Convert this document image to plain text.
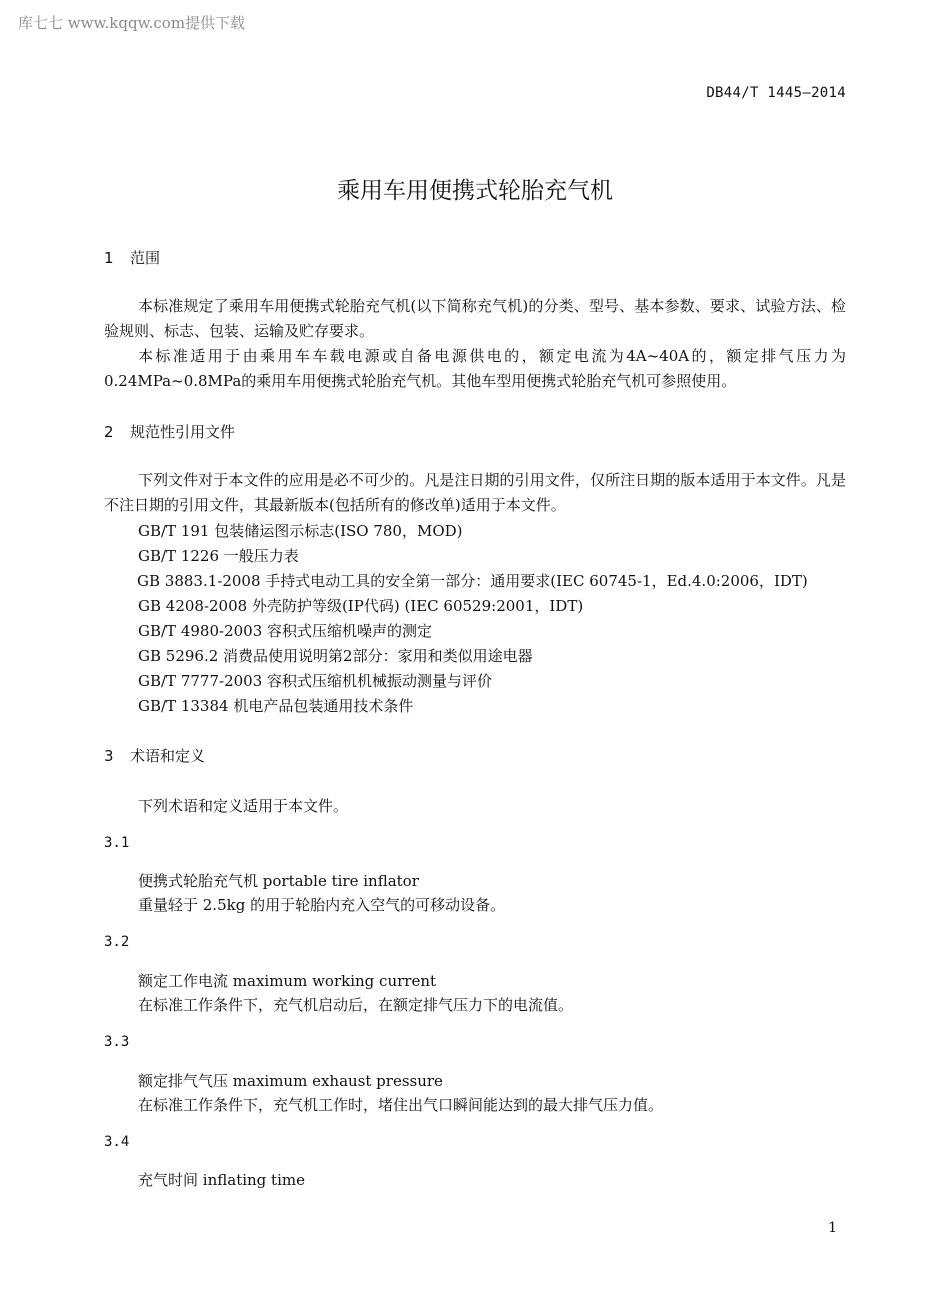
库七七 www.kqqw.com提供下载
DB44/T 1445—2014
乘用车用便携式轮胎充气机
1 范围
本标准规定了乘用车用便携式轮胎充气机(以下简称充气机)的分类、型号、基本参数、要求、试验方法、检验规则、标志、包装、运输及贮存要求。
本标准适用于由乘用车车载电源或自备电源供电的，额定电流为4A~40A的，额定排气压力为0.24MPa~0.8MPa的乘用车用便携式轮胎充气机。其他车型用便携式轮胎充气机可参照使用。
2 规范性引用文件
下列文件对于本文件的应用是必不可少的。凡是注日期的引用文件，仅所注日期的版本适用于本文件。凡是不注日期的引用文件，其最新版本(包括所有的修改单)适用于本文件。
GB/T 191 包装储运图示标志(ISO 780，MOD)
GB/T 1226 一般压力表
GB 3883.1-2008 手持式电动工具的安全第一部分：通用要求(IEC 60745-1，Ed.4.0:2006，IDT)
GB 4208-2008 外壳防护等级(IP代码) (IEC 60529:2001，IDT)
GB/T 4980-2003 容积式压缩机噪声的测定
GB 5296.2 消费品使用说明第2部分：家用和类似用途电器
GB/T 7777-2003 容积式压缩机机械振动测量与评价
GB/T 13384 机电产品包装通用技术条件
3 术语和定义
下列术语和定义适用于本文件。
3.1
便携式轮胎充气机 portable tire inflator
重量轻于 2.5kg 的用于轮胎内充入空气的可移动设备。
3.2
额定工作电流 maximum working current
在标准工作条件下，充气机启动后，在额定排气压力下的电流值。
3.3
额定排气气压 maximum exhaust pressure
在标准工作条件下，充气机工作时，堵住出气口瞬间能达到的最大排气压力值。
3.4
充气时间 inflating time
1
